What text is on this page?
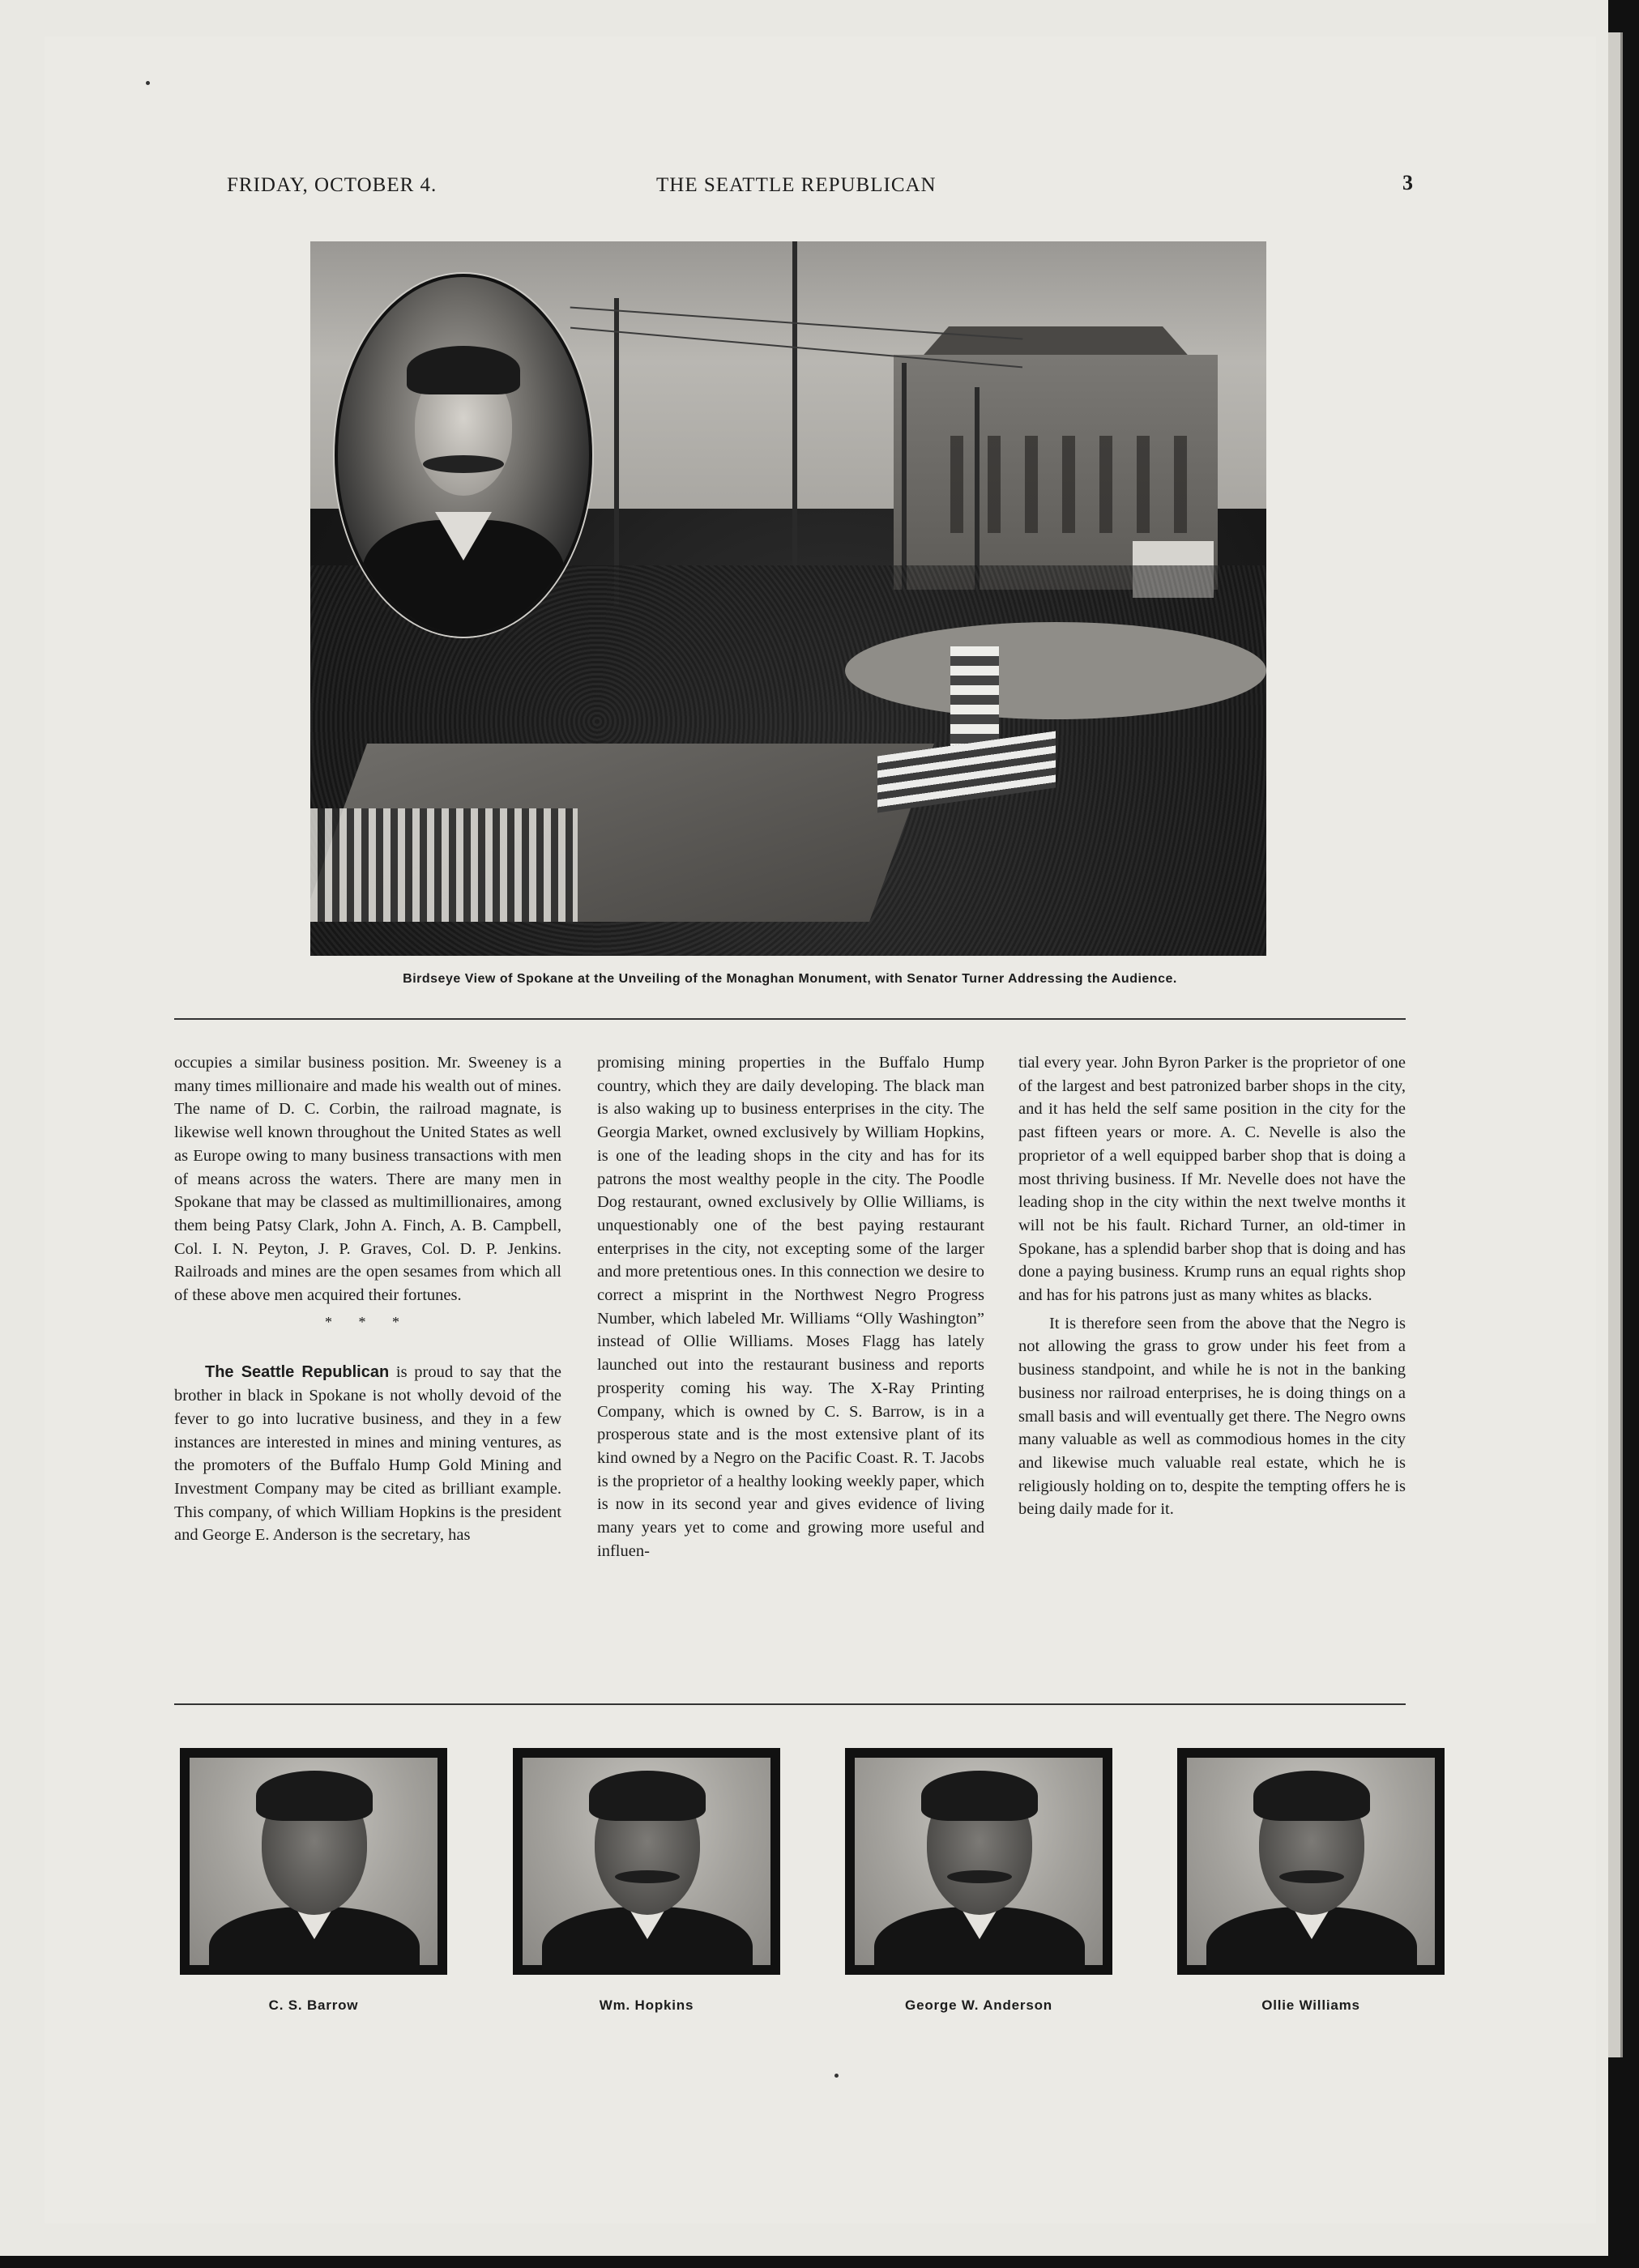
FRIDAY, OCTOBER 4.	THE SEATTLE REPUBLICAN	3
Birdseye View of Spokane at the Unveiling of the Monaghan Monument, with Senator Turner Addressing the Audience.

occupies a similar business position. Mr. Sweeney is a many times millionaire and made his wealth out of mines. The name of D. C. Corbin, the railroad magnate, is likewise well known throughout the United States as well as Europe owing to many business transactions with men of means across the waters. There are many men in Spokane that may be classed as multimillionaires, among them being Patsy Clark, John A. Finch, A. B. Campbell, Col. I. N. Peyton, J. P. Graves, Col. D. P. Jenkins. Railroads and mines are the open sesames from which all of these above men acquired their fortunes.

* * *

The Seattle Republican is proud to say that the brother in black in Spokane is not wholly devoid of the fever to go into lucrative business, and they in a few instances are interested in mines and mining ventures, as the promoters of the Buffalo Hump Gold Mining and Investment Company may be cited as brilliant example. This company, of which William Hopkins is the president and George E. Anderson is the secretary, has

promising mining properties in the Buffalo Hump country, which they are daily developing. The black man is also waking up to business enterprises in the city. The Georgia Market, owned exclusively by William Hopkins, is one of the leading shops in the city and has for its patrons the most wealthy people in the city. The Poodle Dog restaurant, owned exclusively by Ollie Williams, is unquestionably one of the best paying restaurant enterprises in the city, not excepting some of the larger and more pretentious ones. In this connection we desire to correct a misprint in the Northwest Negro Progress Number, which labeled Mr. Williams “Olly Washington” instead of Ollie Williams. Moses Flagg has lately launched out into the restaurant business and reports prosperity coming his way. The X-Ray Printing Company, which is owned by C. S. Barrow, is in a prosperous state and is the most extensive plant of its kind owned by a Negro on the Pacific Coast. R. T. Jacobs is the proprietor of a healthy looking weekly paper, which is now in its second year and gives evidence of living many years yet to come and growing more useful and influen-

tial every year. John Byron Parker is the proprietor of one of the largest and best patronized barber shops in the city, and it has held the self same position in the city for the past fifteen years or more. A. C. Nevelle is also the proprietor of a well equipped barber shop that is doing a most thriving business. If Mr. Nevelle does not have the leading shop in the city within the next twelve months it will not be his fault. Richard Turner, an old-timer in Spokane, has a splendid barber shop that is doing and has done a paying business. Krump runs an equal rights shop and has for his patrons just as many whites as blacks.

It is therefore seen from the above that the Negro is not allowing the grass to grow under his feet from a business standpoint, and while he is not in the banking business nor railroad enterprises, he is doing things on a small basis and will eventually get there. The Negro owns many valuable as well as commodious homes in the city and likewise much valuable real estate, which he is religiously holding on to, despite the tempting offers he is being daily made for it.

C. S. Barrow	Wm. Hopkins	George W. Anderson	Ollie Williams
